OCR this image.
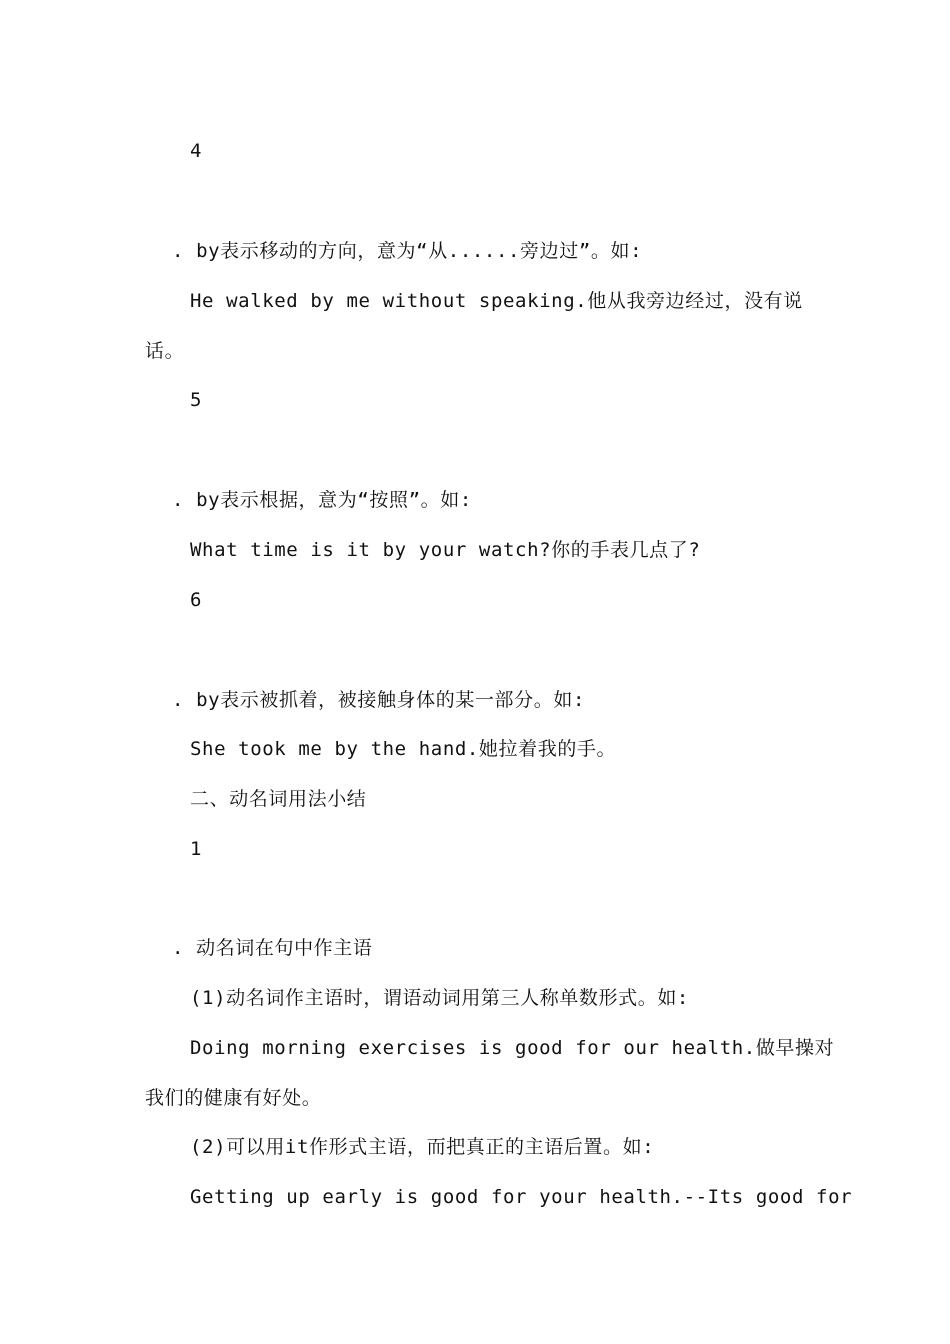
4
. by表示移动的方向，意为“从......旁边过”。如:
He walked by me without speaking.他从我旁边经过，没有说
话。
5
. by表示根据，意为“按照”。如:
What time is it by your watch?你的手表几点了?
6
. by表示被抓着，被接触身体的某一部分。如:
She took me by the hand.她拉着我的手。
二、动名词用法小结
1
. 动名词在句中作主语
(1)动名词作主语时，谓语动词用第三人称单数形式。如:
Doing morning exercises is good for our health.做早操对
我们的健康有好处。
(2)可以用it作形式主语，而把真正的主语后置。如:
Getting up early is good for your health.--Its good for
